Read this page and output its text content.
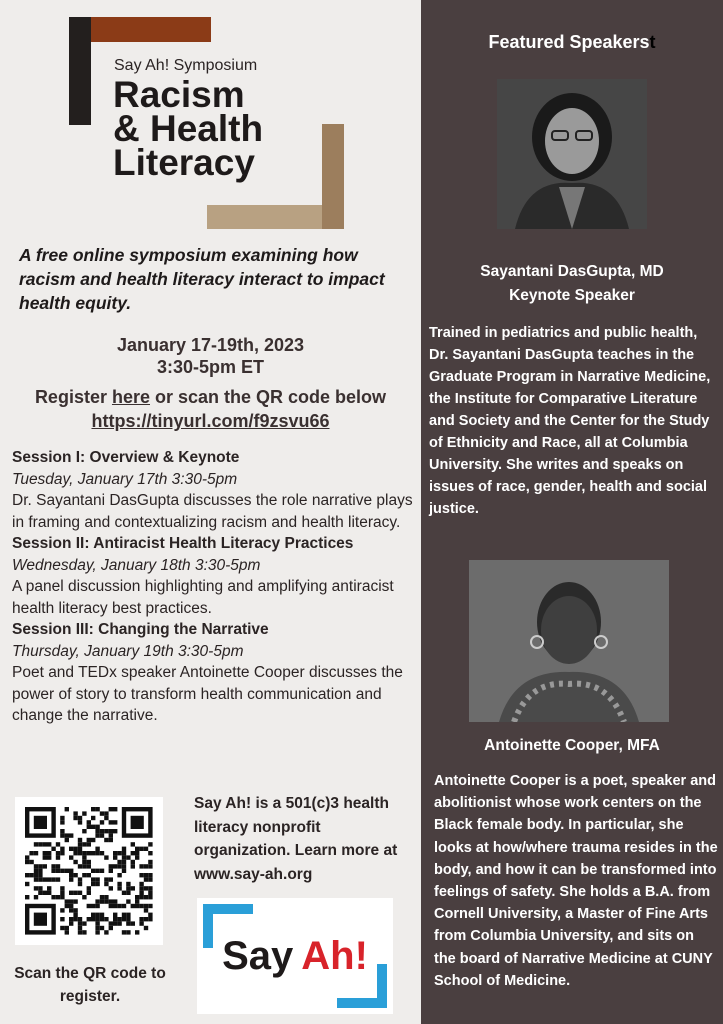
Say Ah! Symposium
Racism
& Health
Literacy
A free online symposium examining how racism and health literacy interact to impact health equity.
January 17-19th, 2023
3:30-5pm ET
Register here or scan the QR code below
https://tinyurl.com/f9zsvu66
Session I: Overview & Keynote
Tuesday, January 17th 3:30-5pm
Dr. Sayantani DasGupta discusses the role narrative plays in framing and contextualizing racism and health literacy.
Session II: Antiracist Health Literacy Practices
Wednesday, January 18th 3:30-5pm
A panel discussion highlighting and amplifying antiracist health literacy best practices.
Session III: Changing the Narrative
Thursday, January 19th 3:30-5pm
Poet and TEDx speaker Antoinette Cooper discusses the power of story to transform health communication and change the narrative.
Scan the QR code to register.
Say Ah! is a 501(c)3 health literacy nonprofit organization. Learn more at www.say-ah.org
Say Ah!
Featured Speakerst
Sayantani DasGupta, MD
Keynote Speaker
Trained in pediatrics and public health, Dr. Sayantani DasGupta teaches in the Graduate Program in Narrative Medicine, the Institute for Comparative Literature and Society and the Center for the Study of Ethnicity and Race, all at Columbia University. She writes and speaks on issues of race, gender, health and social justice.
Antoinette Cooper, MFA
Antoinette Cooper is a poet, speaker and abolitionist whose work centers on the Black female body. In particular, she looks at how/where trauma resides in the body, and how it can be transformed into feelings of safety. She holds a B.A. from Cornell University, a Master of Fine Arts from Columbia University, and sits on the board of Narrative Medicine at CUNY School of Medicine.
